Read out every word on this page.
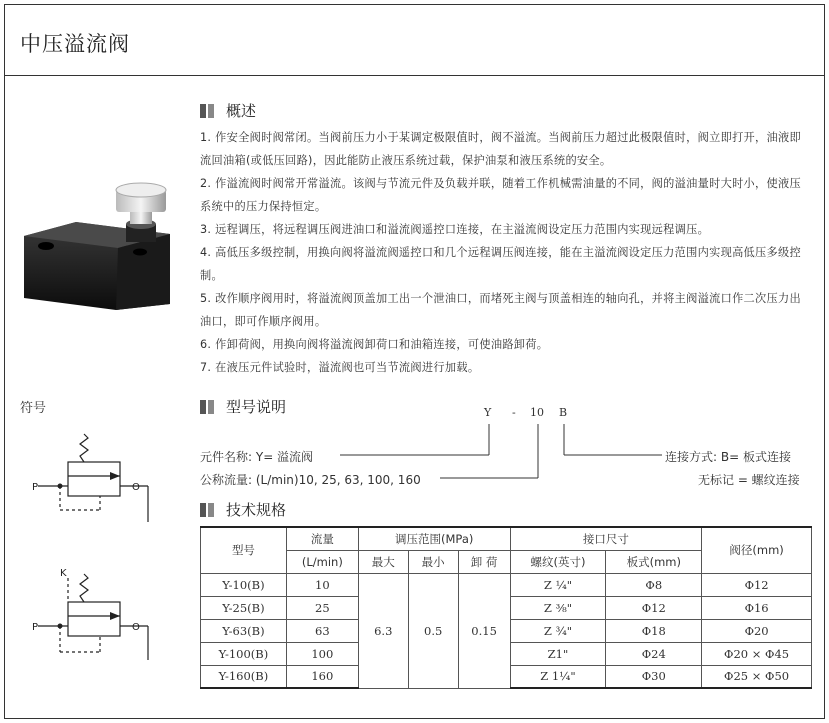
中压溢流阀
概述

1. 作安全阀时阀常闭。当阀前压力小于某调定极限值时，阀不溢流。当阀前压力超过此极限值时，阀立即打开，油液即流回油箱(或低压回路)，因此能防止液压系统过载，保护油泵和液压系统的安全。

2. 作溢流阀时阀常开常溢流。该阀与节流元件及负载并联，随着工作机械需油量的不同，阀的溢油量时大时小，使液压系统中的压力保持恒定。

3. 远程调压，将远程调压阀进油口和溢流阀遥控口连接，在主溢流阀设定压力范围内实现远程调压。

4. 高低压多级控制，用换向阀将溢流阀遥控口和几个远程调压阀连接，能在主溢流阀设定压力范围内实现高低压多级控制。

5. 改作顺序阀用时，将溢流阀顶盖加工出一个泄油口，而堵死主阀与顶盖相连的轴向孔，并将主阀溢流口作二次压力出油口，即可作顺序阀用。

6. 作卸荷阀，用换向阀将溢流阀卸荷口和油箱连接，可使油路卸荷。

7. 在液压元件试验时，溢流阀也可当节流阀进行加载。

符号
P	O
K
P	O
型号说明	Y - 10 B
元件名称: Y= 溢流阀
公称流量: (L/min)10, 25, 63, 100, 160
连接方式: B= 板式连接
无标记 = 螺纹连接
技术规格
型号	流量	调压范围(MPa)			接口尺寸		阀径(mm)
	(L/min)	最大	最小	卸 荷	螺纹(英寸)	板式(mm)	
Y-10(B)	10	6.3	0.5	0.15	Z ¼"	Φ8	Φ12
Y-25(B)	25				Z ⅜"	Φ12	Φ16
Y-63(B)	63				Z ¾"	Φ18	Φ20
Y-100(B)	100				Z1"	Φ24	Φ20 × Φ45
Y-160(B)	160				Z 1¼"	Φ30	Φ25 × Φ50
